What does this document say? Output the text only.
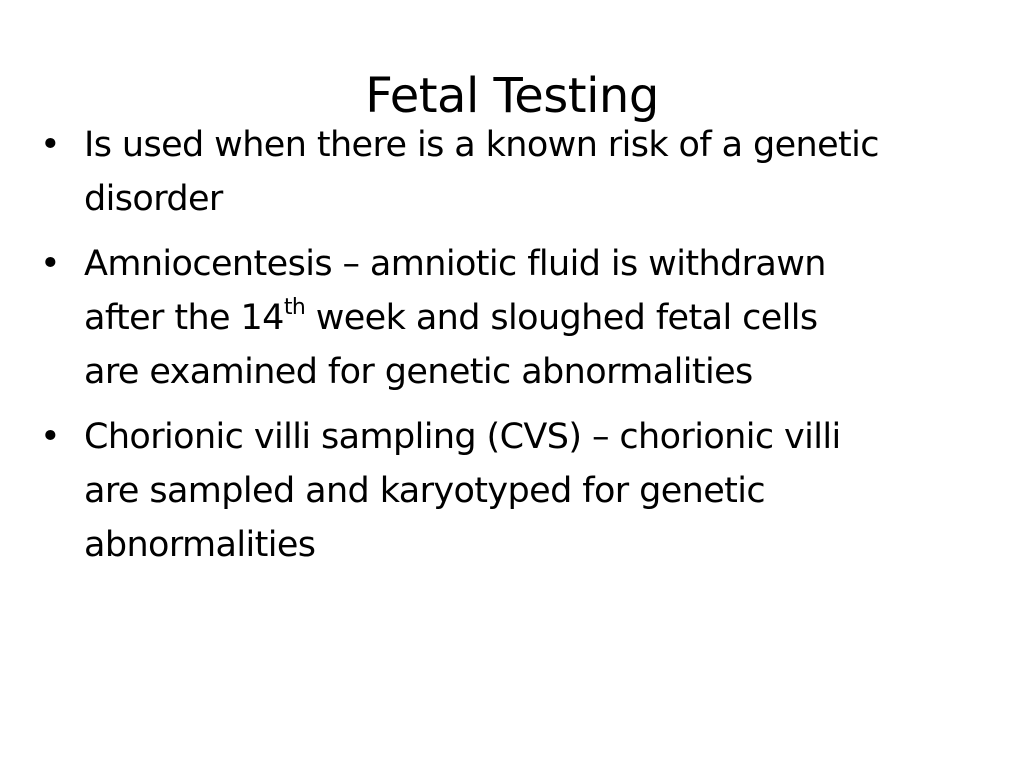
Fetal Testing
• Is used when there is a known risk of a genetic
disorder
• Amniocentesis – amniotic fluid is withdrawn
after the 14th week and sloughed fetal cells
are examined for genetic abnormalities
• Chorionic villi sampling (CVS) – chorionic villi
are sampled and karyotyped for genetic
abnormalities
